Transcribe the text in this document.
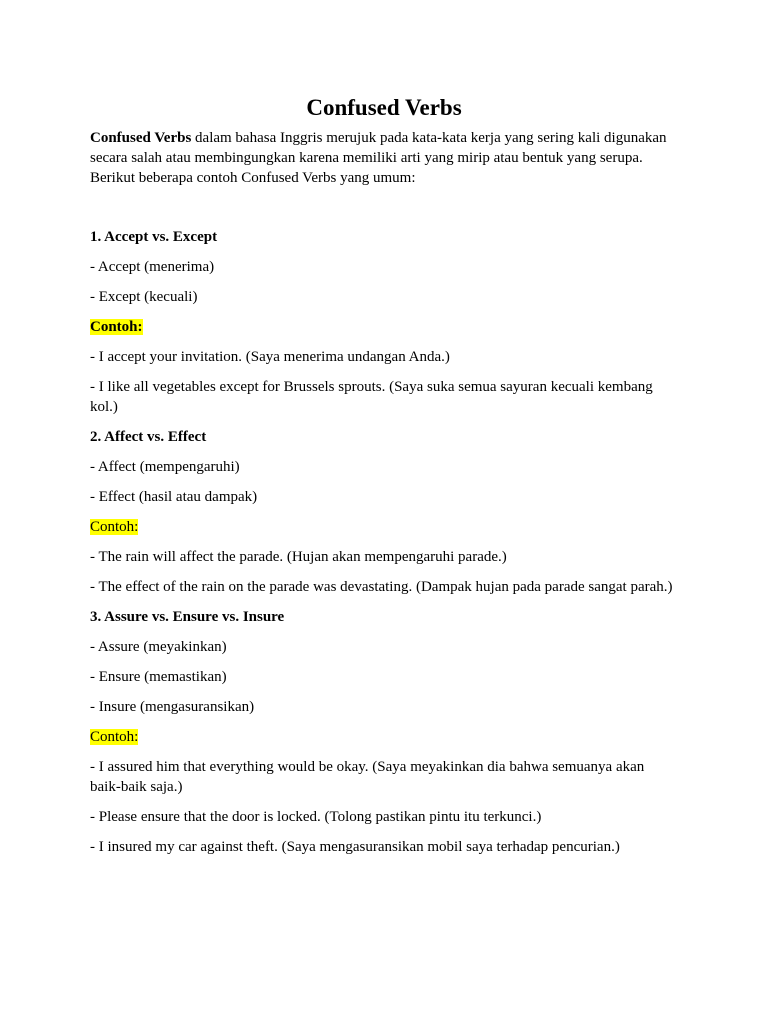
Confused Verbs

Confused Verbs dalam bahasa Inggris merujuk pada kata-kata kerja yang sering kali digunakan secara salah atau membingungkan karena memiliki arti yang mirip atau bentuk yang serupa. Berikut beberapa contoh Confused Verbs yang umum:

1. Accept vs. Except

- Accept (menerima)

- Except (kecuali)

Contoh:

- I accept your invitation. (Saya menerima undangan Anda.)

- I like all vegetables except for Brussels sprouts. (Saya suka semua sayuran kecuali kembang kol.)

2. Affect vs. Effect

- Affect (mempengaruhi)

- Effect (hasil atau dampak)

Contoh:

- The rain will affect the parade. (Hujan akan mempengaruhi parade.)

- The effect of the rain on the parade was devastating. (Dampak hujan pada parade sangat parah.)

3. Assure vs. Ensure vs. Insure

- Assure (meyakinkan)

- Ensure (memastikan)

- Insure (mengasuransikan)

Contoh:

- I assured him that everything would be okay. (Saya meyakinkan dia bahwa semuanya akan baik-baik saja.)

- Please ensure that the door is locked. (Tolong pastikan pintu itu terkunci.)

- I insured my car against theft. (Saya mengasuransikan mobil saya terhadap pencurian.)
